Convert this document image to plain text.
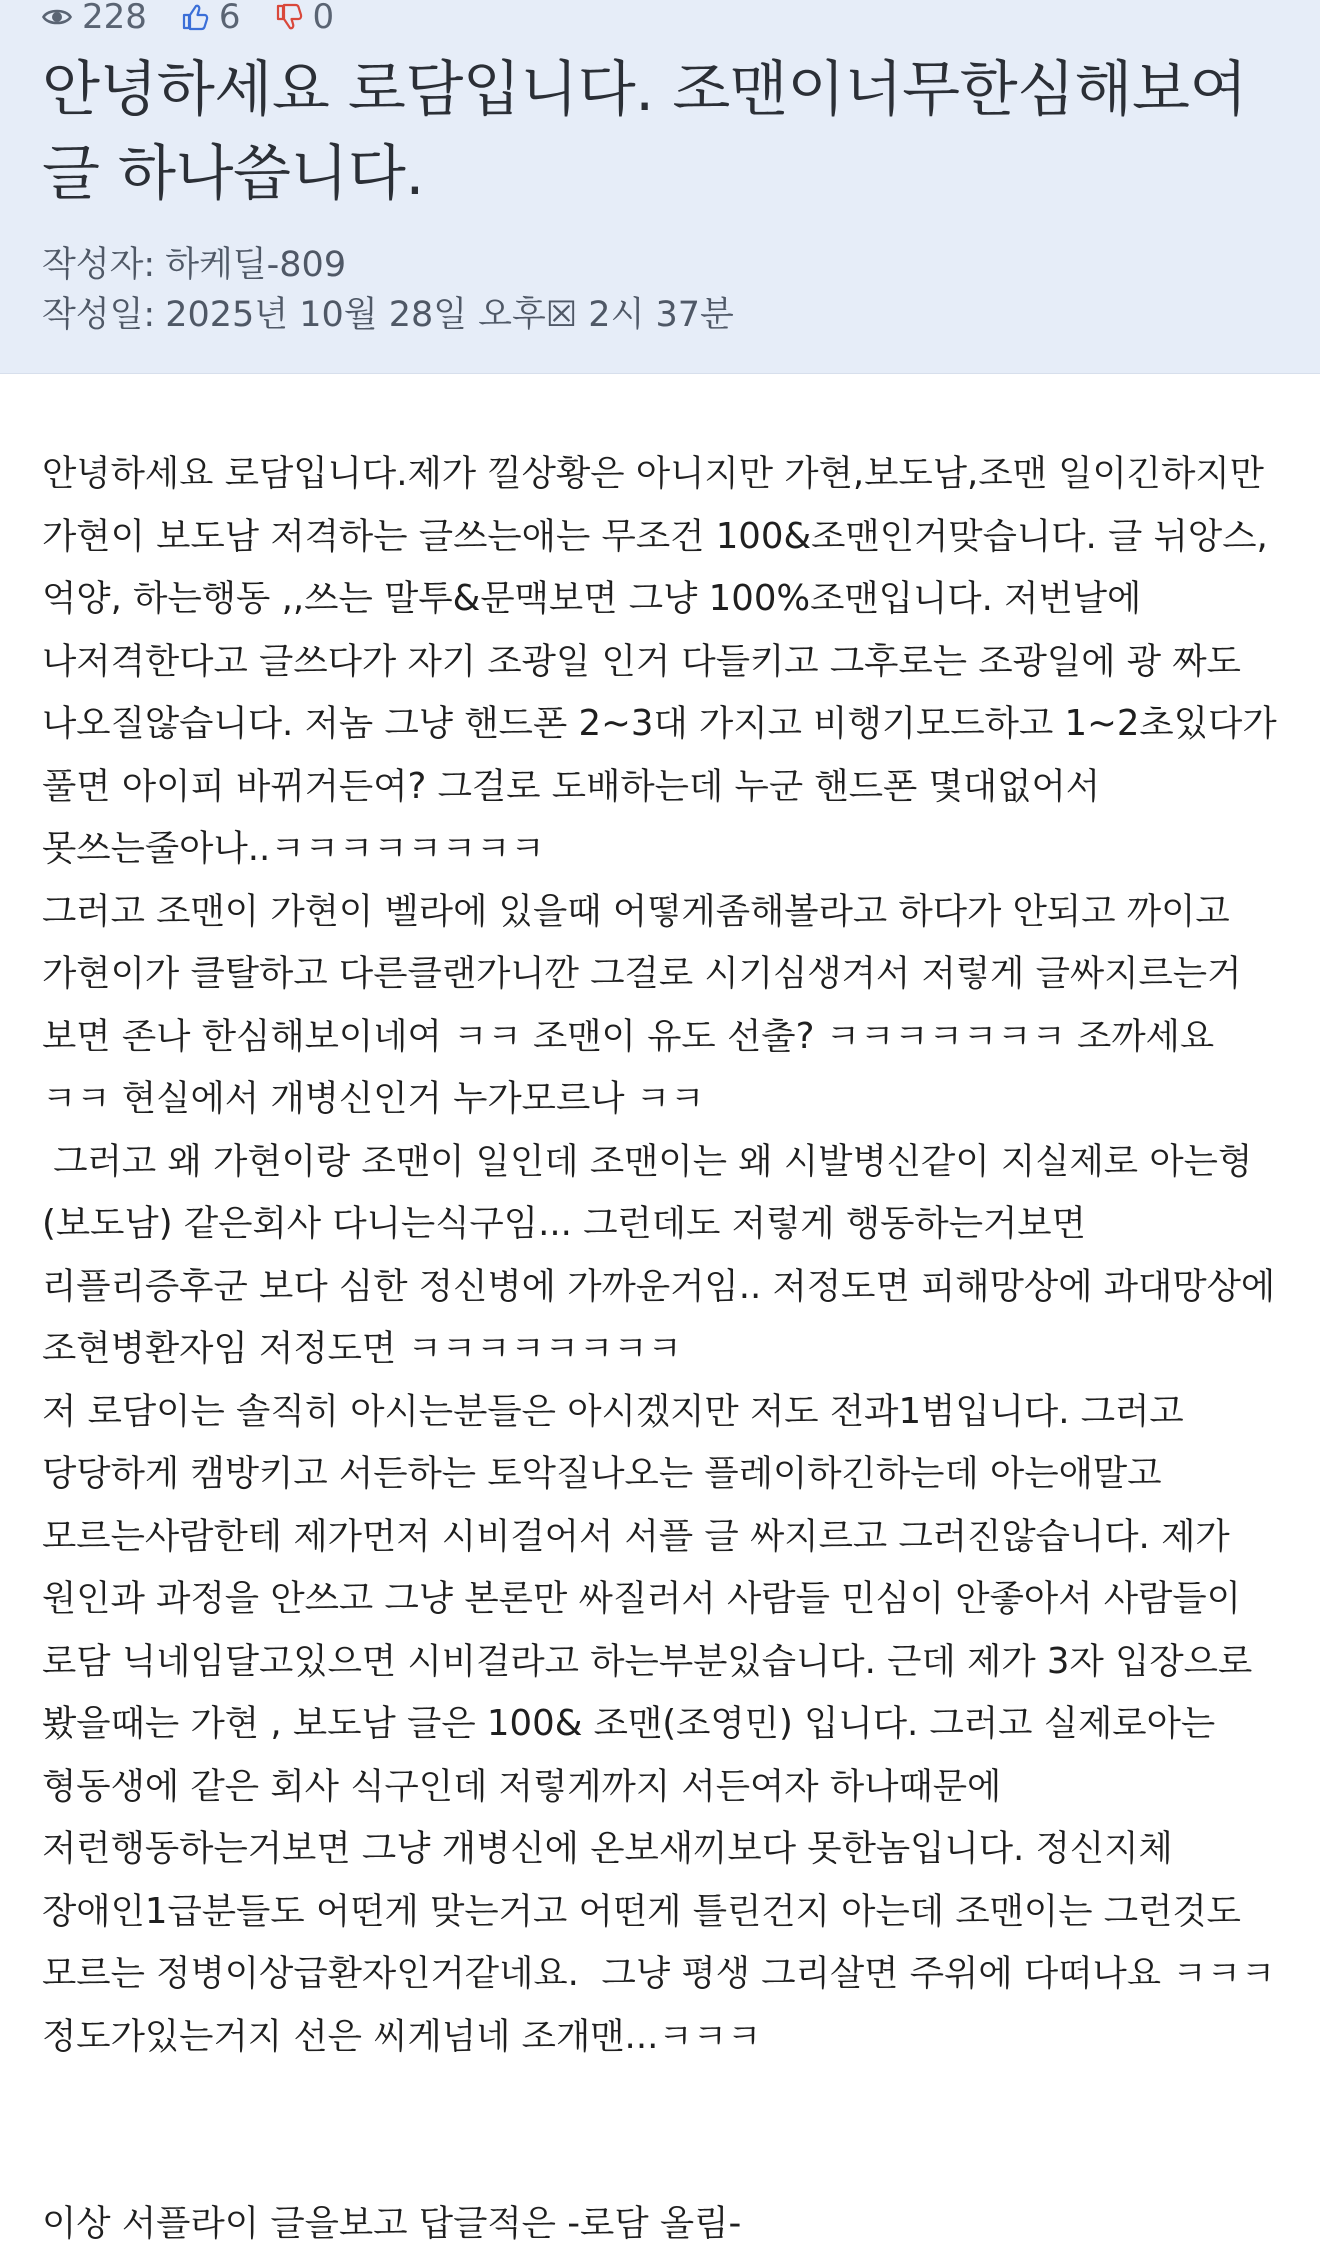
228 6 0
안녕하세요 로담입니다. 조맨이너무한심해보여 글 하나씁니다.
작성자: 하케딜-809
작성일: 2025년 10월 28일 오후☒ 2시 37분

안녕하세요 로담입니다.제가 낄상황은 아니지만 가현,보도남,조맨 일이긴하지만 가현이 보도남 저격하는 글쓰는애는 무조건 100&조맨인거맞습니다. 글 뉘앙스, 억양, 하는행동 ,,쓰는 말투&문맥보면 그냥 100%조맨입니다. 저번날에 나저격한다고 글쓰다가 자기 조광일 인거 다들키고 그후로는 조광일에 광 짜도 나오질않습니다. 저놈 그냥 핸드폰 2~3대 가지고 비행기모드하고 1~2초있다가 풀면 아이피 바뀌거든여? 그걸로 도배하는데 누군 핸드폰 몇대없어서 못쓰는줄아나..ㅋㅋㅋㅋㅋㅋㅋㅋ

그러고 조맨이 가현이 벨라에 있을때 어떻게좀해볼라고 하다가 안되고 까이고 가현이가 클탈하고 다른클랜가니깐 그걸로 시기심생겨서 저렇게 글싸지르는거 보면 존나 한심해보이네여 ㅋㅋ 조맨이 유도 선출? ㅋㅋㅋㅋㅋㅋㅋ 조까세요 ㅋㅋ 현실에서 개병신인거 누가모르나 ㅋㅋ

그러고 왜 가현이랑 조맨이 일인데 조맨이는 왜 시발병신같이 지실제로 아는형 (보도남) 같은회사 다니는식구임... 그런데도 저렇게 행동하는거보면 리플리증후군 보다 심한 정신병에 가까운거임.. 저정도면 피해망상에 과대망상에 조현병환자임 저정도면 ㅋㅋㅋㅋㅋㅋㅋㅋ

저 로담이는 솔직히 아시는분들은 아시겠지만 저도 전과1범입니다. 그러고 당당하게 캠방키고 서든하는 토악질나오는 플레이하긴하는데 아는애말고 모르는사람한테 제가먼저 시비걸어서 서플 글 싸지르고 그러진않습니다. 제가 원인과 과정을 안쓰고 그냥 본론만 싸질러서 사람들 민심이 안좋아서 사람들이 로담 닉네임달고있으면 시비걸라고 하는부분있습니다. 근데 제가 3자 입장으로 봤을때는 가현 , 보도남 글은 100& 조맨(조영민) 입니다. 그러고 실제로아는 형동생에 같은 회사 식구인데 저렇게까지 서든여자 하나때문에 저런행동하는거보면 그냥 개병신에 온보새끼보다 못한놈입니다. 정신지체 장애인1급분들도 어떤게 맞는거고 어떤게 틀린건지 아는데 조맨이는 그런것도 모르는 정병이상급환자인거같네요.  그냥 평생 그리살면 주위에 다떠나요 ㅋㅋㅋ 정도가있는거지 선은 씨게넘네 조개맨...ㅋㅋㅋ

이상 서플라이 글을보고 답글적은 -로담 올림-
